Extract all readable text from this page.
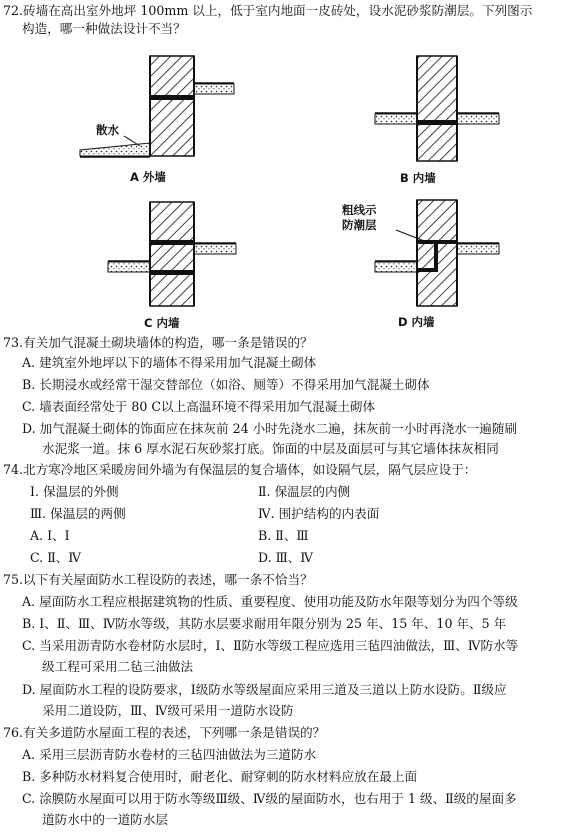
72.砖墙在高出室外地坪 100mm 以上，低于室内地面一皮砖处，设水泥砂浆防潮层。下列图示
构造，哪一种做法设计不当？
散水
A 外墙	B 内墙
粗线示
防潮层
C 内墙	D 内墙
73.有关加气混凝土砌块墙体的构造，哪一条是错误的？
A. 建筑室外地坪以下的墙体不得采用加气混凝土砌体
B. 长期浸水或经常干湿交替部位（如浴、厕等）不得采用加气混凝土砌体
C. 墙表面经常处于 80 C以上高温环境不得采用加气混凝土砌体
D. 加气混凝土砌体的饰面应在抹灰前 24 小时先浇水二遍，抹灰前一小时再浇水一遍随刷
水泥浆一道。抹 6 厚水泥石灰砂浆打底。饰面的中层及面层可与其它墙体抹灰相同
74.北方寒冷地区采暖房间外墙为有保温层的复合墙体，如设隔气层，隔气层应设于：
Ⅰ. 保温层的外侧	Ⅱ. 保温层的内侧
Ⅲ. 保温层的两侧	Ⅳ. 围护结构的内表面
A. Ⅰ、Ⅰ	B. Ⅱ、Ⅲ
C. Ⅱ、Ⅳ	D. Ⅲ、Ⅳ
75.以下有关屋面防水工程设防的表述，哪一条不恰当？
A. 屋面防水工程应根据建筑物的性质、重要程度、使用功能及防水年限等划分为四个等级
B. Ⅰ、Ⅱ、Ⅲ、Ⅳ防水等级，其防水层要求耐用年限分别为 25 年、15 年、10 年、5 年
C. 当采用沥青防水卷材防水层时，Ⅰ、Ⅱ防水等级工程应选用三毡四油做法，Ⅲ、Ⅳ防水等
级工程可采用二毡三油做法
D. 屋面防水工程的设防要求，Ⅰ级防水等级屋面应采用三道及三道以上防水设防。Ⅱ级应
采用二道设防，Ⅲ、Ⅳ级可采用一道防水设防
76.有关多道防水屋面工程的表述，下列哪一条是错误的？
A. 采用三层沥青防水卷材的三毡四油做法为三道防水
B. 多种防水材料复合使用时，耐老化、耐穿刺的防水材料应放在最上面
C. 涂膜防水屋面可以用于防水等级Ⅲ级、Ⅳ级的屋面防水，也右用于 1 级、Ⅱ级的屋面多
道防水中的一道防水层
